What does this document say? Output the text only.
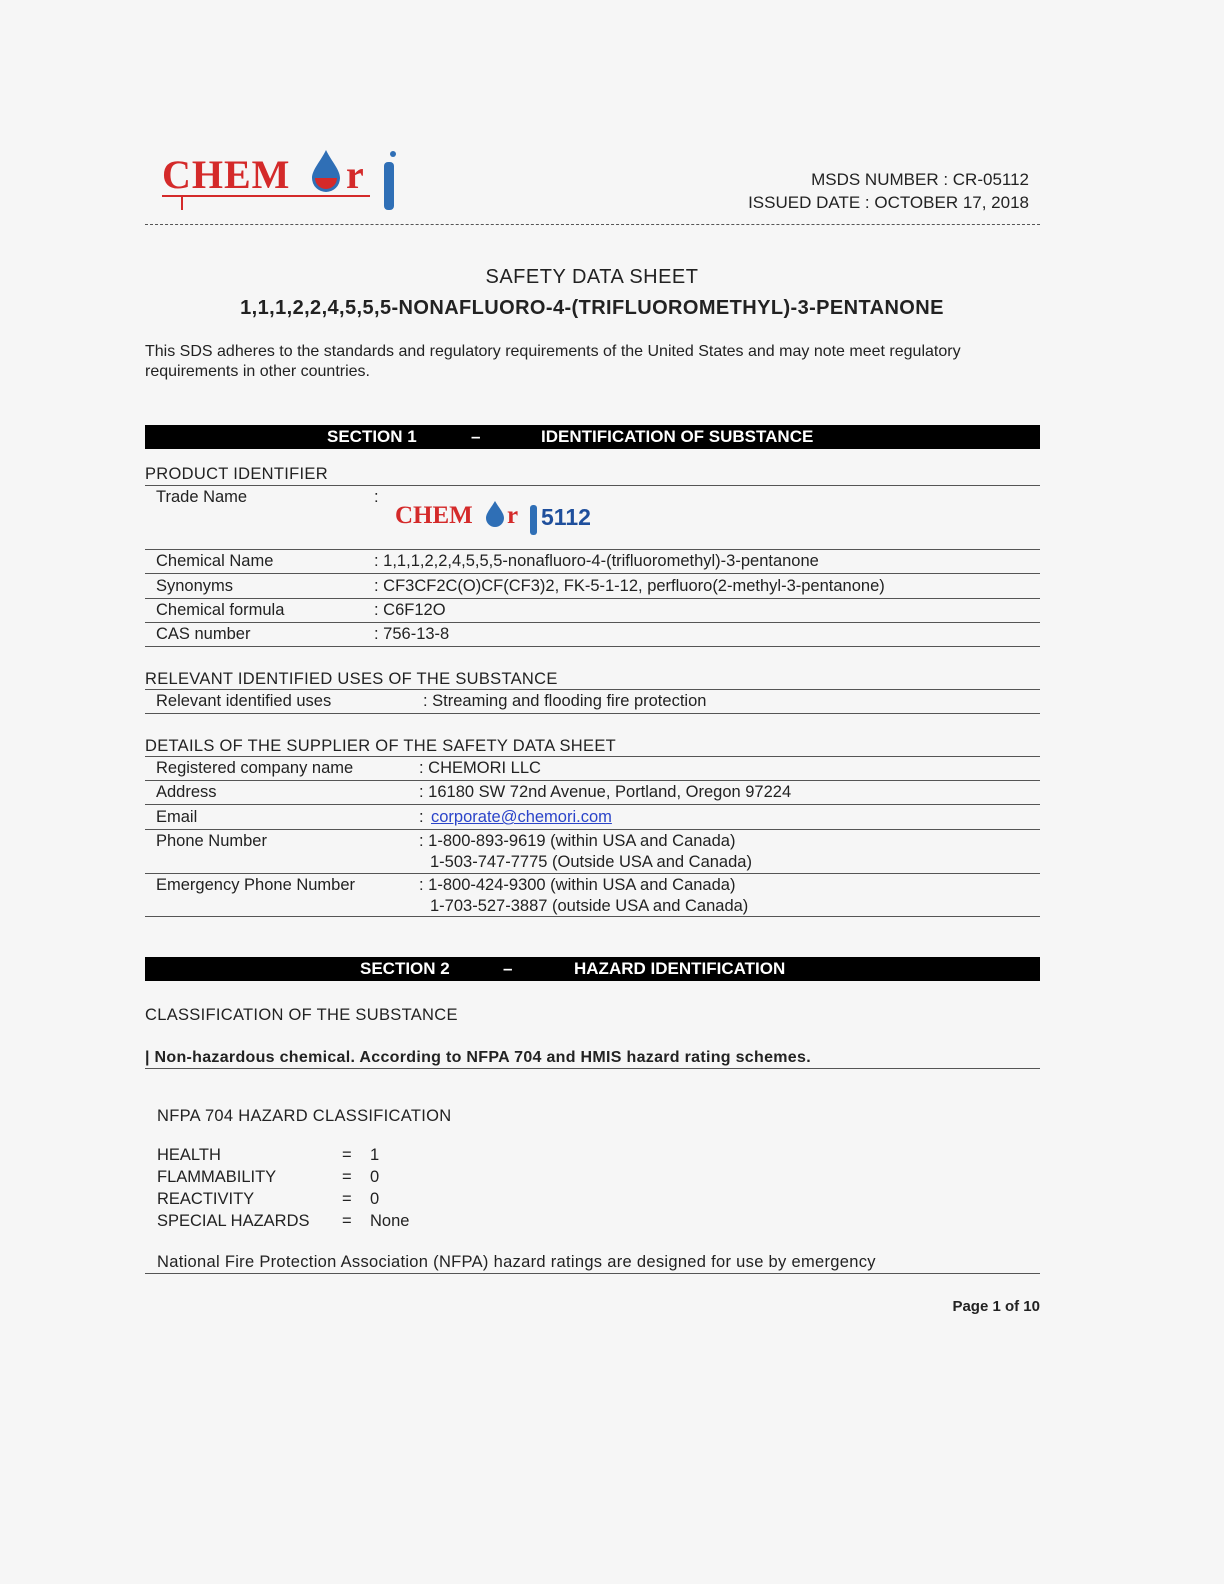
CHEM r	MSDS NUMBER : CR-05112
ISSUED DATE : OCTOBER 17, 2018
SAFETY DATA SHEET
1,1,1,2,2,4,5,5,5-NONAFLUORO-4-(TRIFLUOROMETHYL)-3-PENTANONE
This SDS adheres to the standards and regulatory requirements of the United States and may note meet regulatory requirements in other countries.
SECTION 1	–	IDENTIFICATION OF SUBSTANCE
PRODUCT IDENTIFIER
Trade Name	:
CHEM r 5112
Chemical Name	: 1,1,1,2,2,4,5,5,5-nonafluoro-4-(trifluoromethyl)-3-pentanone
Synonyms	: CF3CF2C(O)CF(CF3)2, FK-5-1-12, perfluoro(2-methyl-3-pentanone)
Chemical formula	: C6F12O
CAS number	: 756-13-8
RELEVANT IDENTIFIED USES OF THE SUBSTANCE
Relevant identified uses	: Streaming and flooding fire protection
DETAILS OF THE SUPPLIER OF THE SAFETY DATA SHEET
Registered company name	: CHEMORI LLC
Address	: 16180 SW 72nd Avenue, Portland, Oregon 97224
Email	: corporate@chemori.com
Phone Number	: 1-800-893-9619 (within USA and Canada)
1-503-747-7775 (Outside USA and Canada)
Emergency Phone Number	: 1-800-424-9300 (within USA and Canada)
1-703-527-3887 (outside USA and Canada)
SECTION 2	–	HAZARD IDENTIFICATION
CLASSIFICATION OF THE SUBSTANCE
| Non-hazardous chemical. According to NFPA 704 and HMIS hazard rating schemes.
NFPA 704 HAZARD CLASSIFICATION
HEALTH	= 1
FLAMMABILITY	= 0
REACTIVITY	= 0
SPECIAL HAZARDS = None
National Fire Protection Association (NFPA) hazard ratings are designed for use by emergency
Page 1 of 10
